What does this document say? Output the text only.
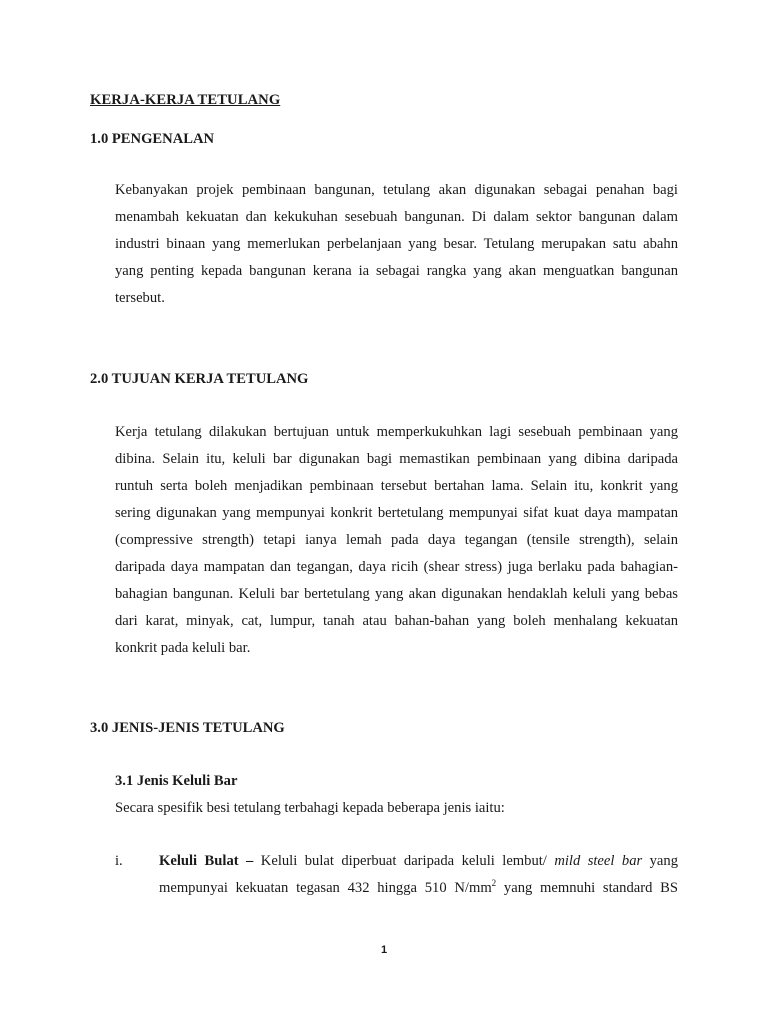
KERJA-KERJA TETULANG
1.0 PENGENALAN
Kebanyakan projek pembinaan bangunan, tetulang akan digunakan sebagai penahan bagi
menambah kekuatan dan kekukuhan sesebuah bangunan. Di dalam sektor bangunan dalam
industri binaan yang memerlukan perbelanjaan yang besar. Tetulang merupakan satu abahn
yang penting kepada bangunan kerana ia sebagai rangka yang akan menguatkan bangunan
tersebut.
2.0 TUJUAN KERJA TETULANG
Kerja tetulang dilakukan bertujuan untuk memperkukuhkan lagi sesebuah pembinaan yang
dibina. Selain itu, keluli bar digunakan bagi memastikan pembinaan yang dibina daripada
runtuh serta boleh menjadikan pembinaan tersebut bertahan lama. Selain itu, konkrit yang
sering digunakan yang mempunyai konkrit bertetulang mempunyai sifat kuat daya mampatan
(compressive strength) tetapi ianya lemah pada daya tegangan (tensile strength), selain
daripada daya mampatan dan tegangan, daya ricih (shear stress) juga berlaku pada bahagian-
bahagian bangunan. Keluli bar bertetulang yang akan digunakan hendaklah keluli yang bebas
dari karat, minyak, cat, lumpur, tanah atau bahan-bahan yang boleh menhalang kekuatan
konkrit pada keluli bar.
3.0 JENIS-JENIS TETULANG
3.1 Jenis Keluli Bar
Secara spesifik besi tetulang terbahagi kepada beberapa jenis iaitu:
i. Keluli Bulat – Keluli bulat diperbuat daripada keluli lembut/ mild steel bar yang
mempunyai kekuatan tegasan 432 hingga 510 $N/mm^2$ yang memnuhi standard BS
1
